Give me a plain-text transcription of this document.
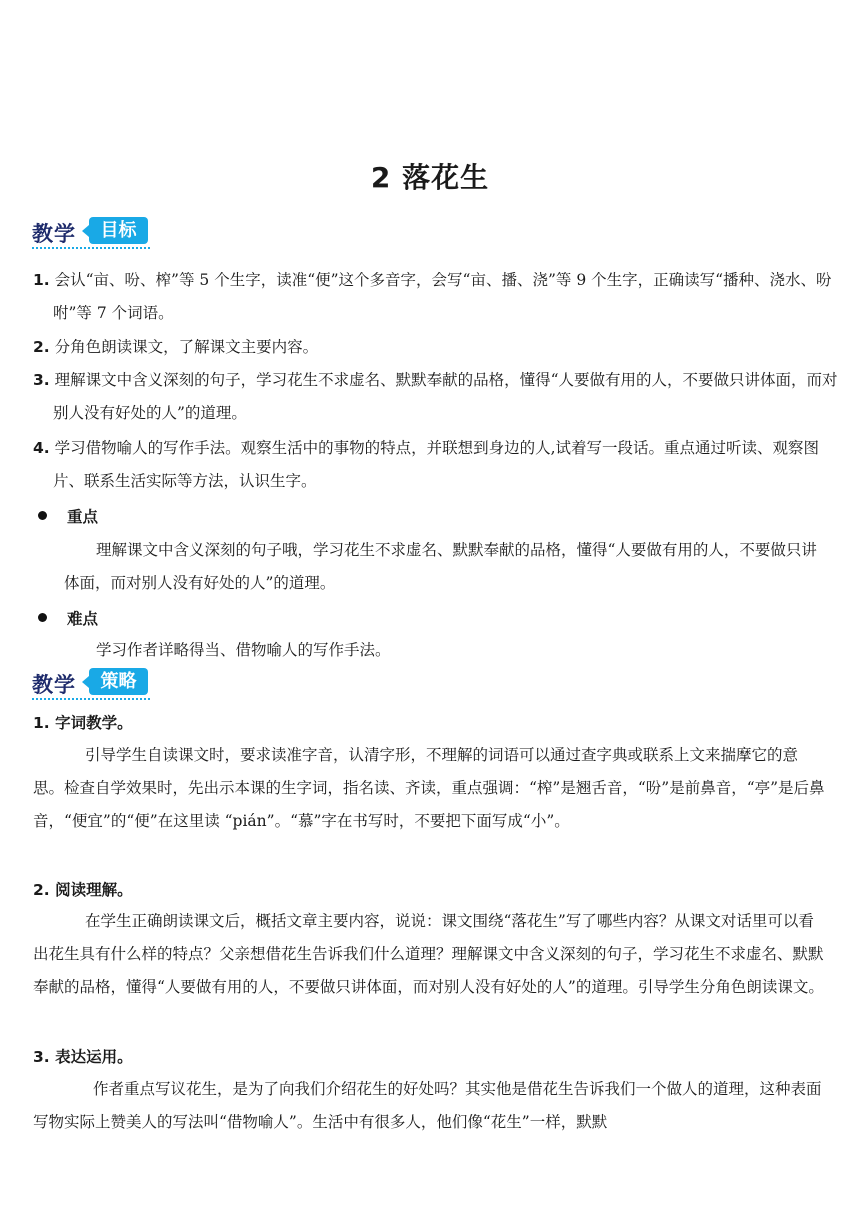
2 落花生
教学	目标
1. 会认“亩、吩、榨”等 5 个生字，读准“便”这个多音字，会写“亩、播、浇”等 9 个生字，正确读写“播种、浇水、吩咐”等 7 个词语。
2. 分角色朗读课文，了解课文主要内容。
3. 理解课文中含义深刻的句子，学习花生不求虚名、默默奉献的品格，懂得“人要做有用的人，不要做只讲体面，而对别人没有好处的人”的道理。
4. 学习借物喻人的写作手法。观察生活中的事物的特点，并联想到身边的人,试着写一段话。重点通过听读、观察图片、联系生活实际等方法，认识生字。
重点
理解课文中含义深刻的句子哦，学习花生不求虚名、默默奉献的品格，懂得“人要做有用的人，不要做只讲体面，而对别人没有好处的人”的道理。
难点
学习作者详略得当、借物喻人的写作手法。
教学	策略
1. 字词教学。
引导学生自读课文时，要求读准字音，认清字形，不理解的词语可以通过查字典或联系上文来揣摩它的意思。检查自学效果时，先出示本课的生字词，指名读、齐读，重点强调：“榨”是翘舌音，“吩”是前鼻音，“亭”是后鼻音，“便宜”的“便”在这里读 “pián”。“慕”字在书写时，不要把下面写成“小”。
2. 阅读理解。
在学生正确朗读课文后，概括文章主要内容，说说：课文围绕“落花生”写了哪些内容？从课文对话里可以看出花生具有什么样的特点？父亲想借花生告诉我们什么道理？理解课文中含义深刻的句子，学习花生不求虚名、默默奉献的品格，懂得“人要做有用的人，不要做只讲体面，而对别人没有好处的人”的道理。引导学生分角色朗读课文。
3. 表达运用。
作者重点写议花生，是为了向我们介绍花生的好处吗？其实他是借花生告诉我们一个做人的道理，这种表面写物实际上赞美人的写法叫“借物喻人”。生活中有很多人，他们像“花生”一样，默默
